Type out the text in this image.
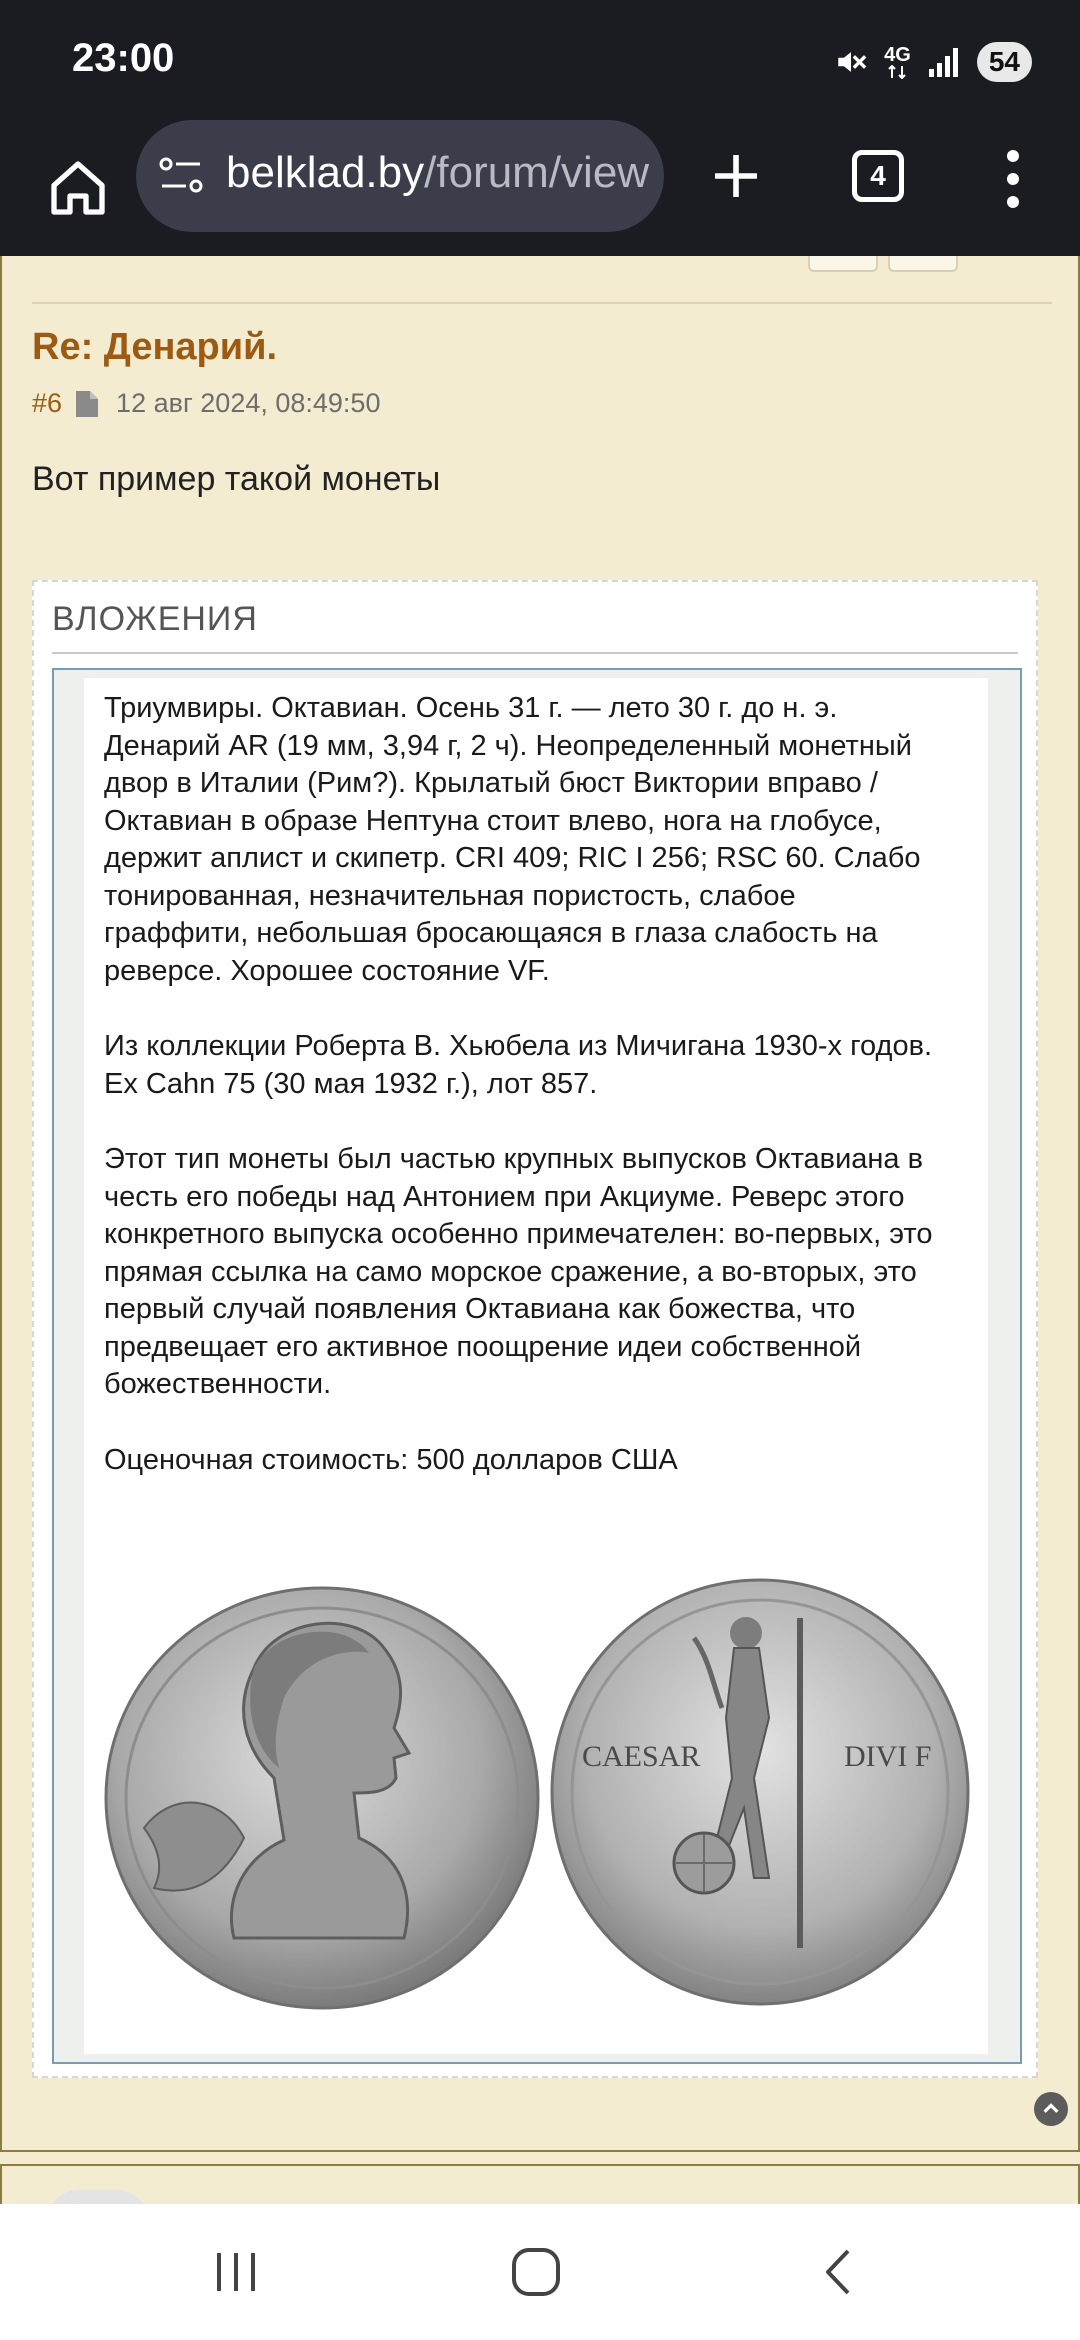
23:00	4G	54
belklad.by/forum/view	4
Re: Денарий.
#6 12 авг 2024, 08:49:50
Вот пример такой монеты
ВЛОЖЕНИЯ

Триумвиры. Октавиан. Осень 31 г. — лето 30 г. до н. э. Денарий AR (19 мм, 3,94 г, 2 ч). Неопределенный монетный двор в Италии (Рим?). Крылатый бюст Виктории вправо / Октавиан в образе Нептуна стоит влево, нога на глобусе, держит аплист и скипетр. CRI 409; RIC I 256; RSC 60. Слабо тонированная, незначительная пористость, слабое граффити, небольшая бросающаяся в глаза слабость на реверсе. Хорошее состояние VF.

Из коллекции Роберта В. Хьюбела из Мичигана 1930-х годов. Ex Cahn 75 (30 мая 1932 г.), лот 857.

Этот тип монеты был частью крупных выпусков Октавиана в честь его победы над Антонием при Акциуме. Реверс этого конкретного выпуска особенно примечателен: во-первых, это прямая ссылка на само морское сражение, а во-вторых, это первый случай появления Октавиана как божества, что предвещает его активное поощрение идеи собственной божественности.

Оценочная стоимость: 500 долларов США

CAESAR	DIVI F
